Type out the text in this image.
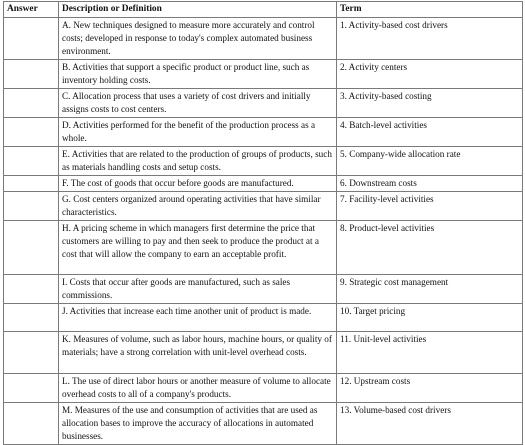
Answer	Description or Definition	Term
	A. New techniques designed to measure more accurately and control costs; developed in response to today's complex automated business environment.	1. Activity-based cost drivers
	B. Activities that support a specific product or product line, such as inventory holding costs.	2. Activity centers
	C. Allocation process that uses a variety of cost drivers and initially assigns costs to cost centers.	3. Activity-based costing
	D. Activities performed for the benefit of the production process as a whole.	4. Batch-level activities
	E. Activities that are related to the production of groups of products, such as materials handling costs and setup costs.	5. Company-wide allocation rate
	F. The cost of goods that occur before goods are manufactured.	6. Downstream costs
	G. Cost centers organized around operating activities that have similar characteristics.	7. Facility-level activities
	H. A pricing scheme in which managers first determine the price that customers are willing to pay and then seek to produce the product at a cost that will allow the company to earn an acceptable profit.	8. Product-level activities
	I. Costs that occur after goods are manufactured, such as sales commissions.	9. Strategic cost management
	J. Activities that increase each time another unit of product is made.	10. Target pricing
	K. Measures of volume, such as labor hours, machine hours, or quality of materials; have a strong correlation with unit-level overhead costs.	11. Unit-level activities
	L. The use of direct labor hours or another measure of volume to allocate overhead costs to all of a company's products.	12. Upstream costs
	M. Measures of the use and consumption of activities that are used as allocation bases to improve the accuracy of allocations in automated businesses.	13. Volume-based cost drivers
